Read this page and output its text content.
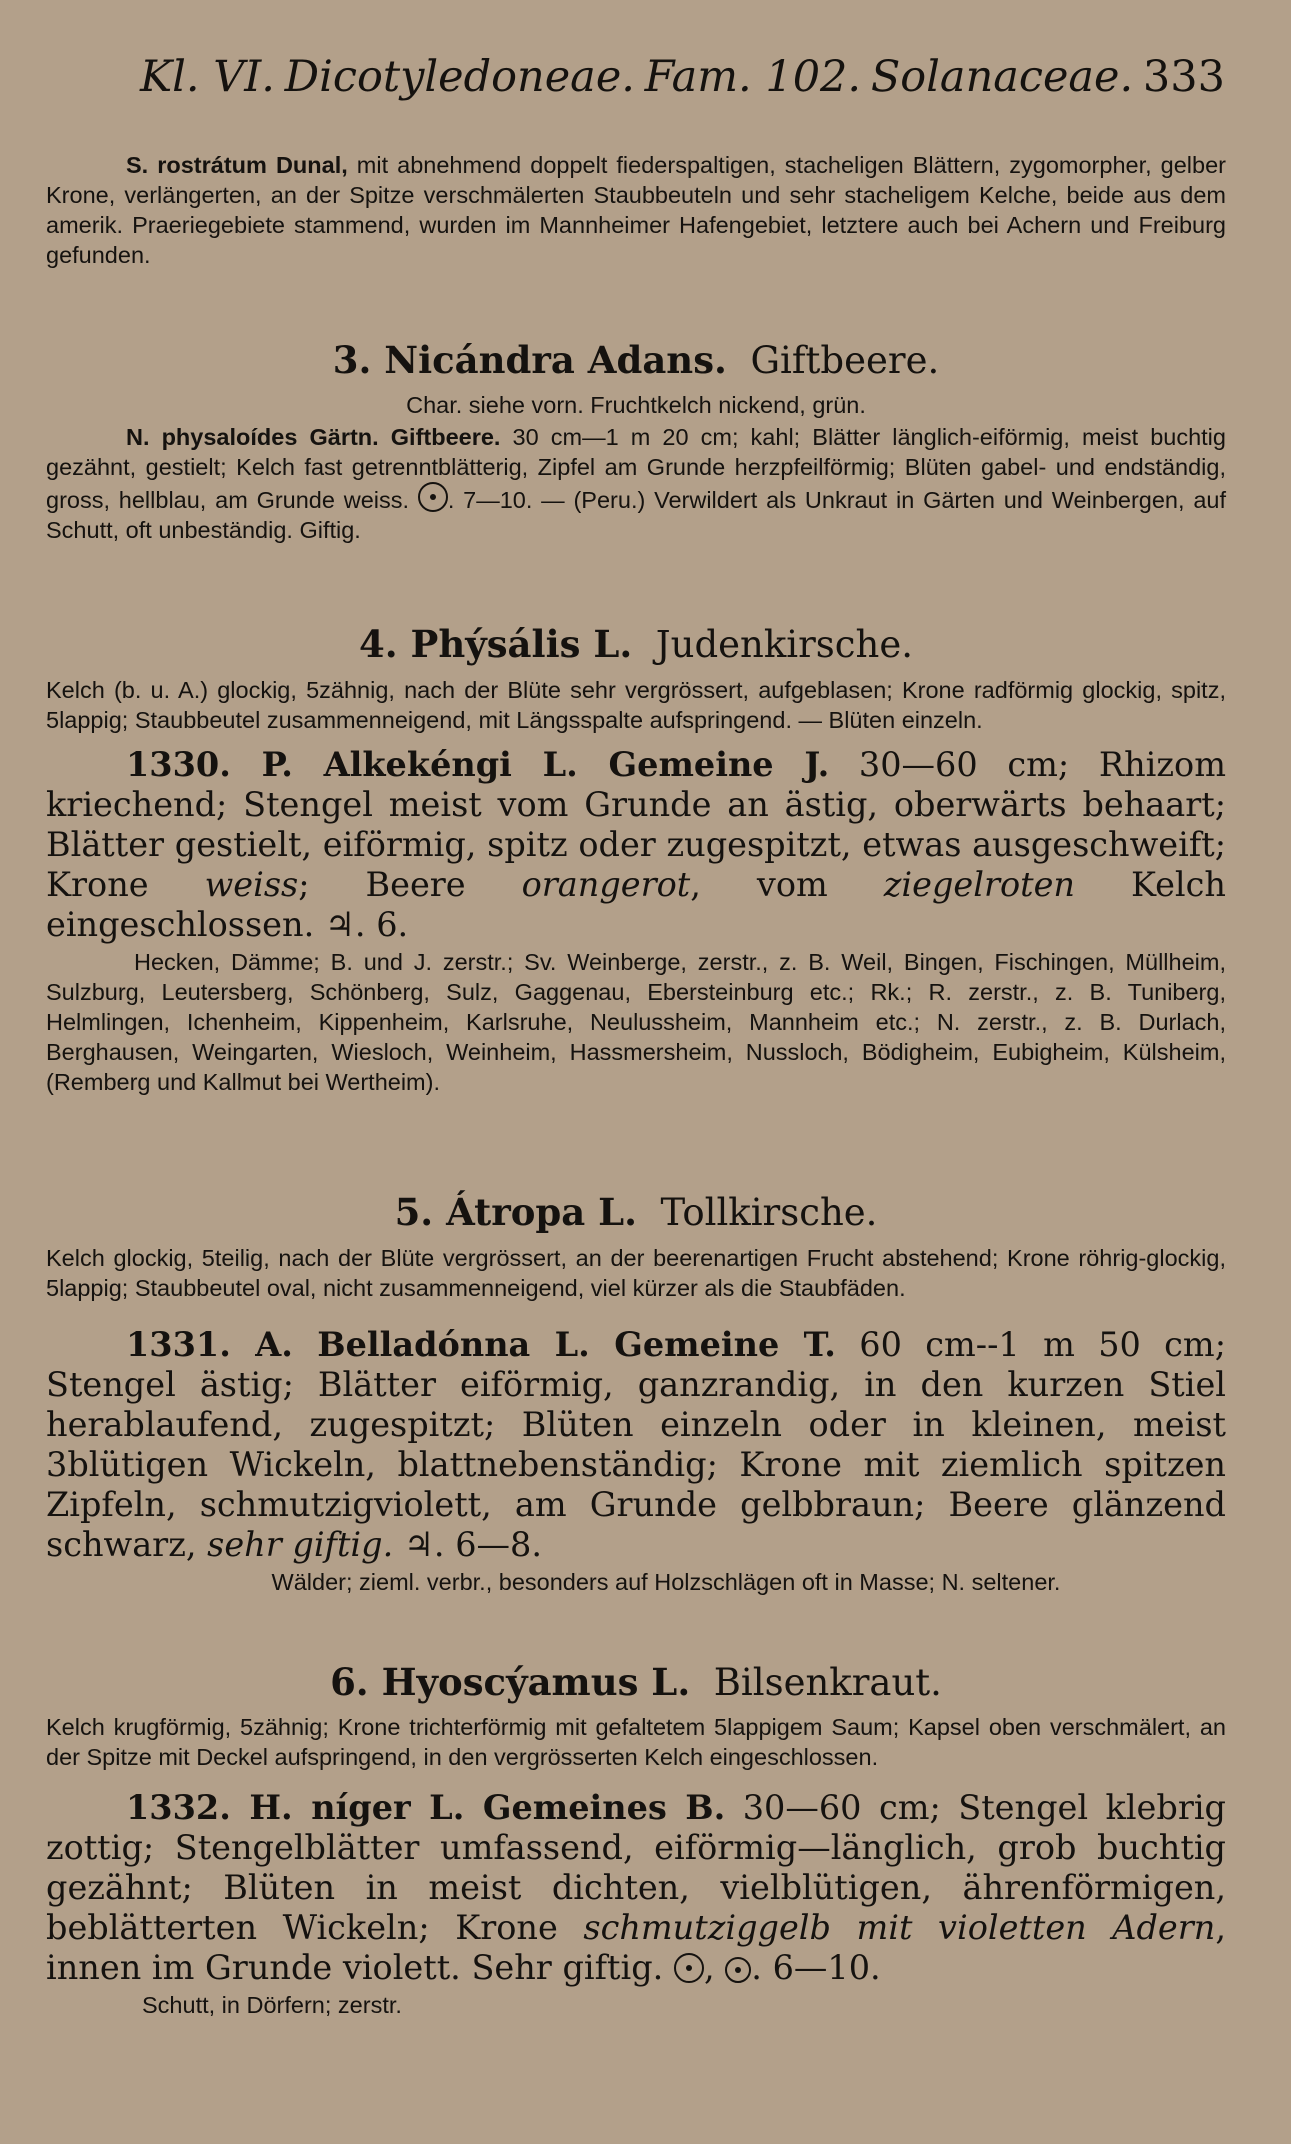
Kl. VI. Dicotyledoneae. Fam. 102. Solanaceae. 333

S. rostrátum Dunal, mit abnehmend doppelt fiederspaltigen, stacheligen Blättern, zygomorpher, gelber Krone, verlängerten, an der Spitze verschmälerten Staubbeuteln und sehr stacheligem Kelche, beide aus dem amerik. Praeriegebiete stammend, wurden im Mannheimer Hafengebiet, letztere auch bei Achern und Freiburg gefunden.

3. Nicándra Adans. Giftbeere.

Char. siehe vorn. Fruchtkelch nickend, grün.

N. physaloídes Gärtn. Giftbeere. 30 cm—1 m 20 cm; kahl; Blätter länglich-eiförmig, meist buchtig gezähnt, gestielt; Kelch fast getrenntblätterig, Zipfel am Grunde herzpfeilförmig; Blüten gabel- und endständig, gross, hellblau, am Grunde weiss. . 7—10. — (Peru.) Verwildert als Unkraut in Gärten und Weinbergen, auf Schutt, oft unbeständig. Giftig.

4. Phýsális L. Judenkirsche.

Kelch (b. u. A.) glockig, 5zähnig, nach der Blüte sehr vergrössert, aufgeblasen; Krone radförmig glockig, spitz, 5lappig; Staubbeutel zusammenneigend, mit Längsspalte aufspringend. — Blüten einzeln.

1330. P. Alkekéngi L. Gemeine J. 30—60 cm; Rhizom kriechend; Stengel meist vom Grunde an ästig, oberwärts behaart; Blätter gestielt, eiförmig, spitz oder zugespitzt, etwas ausgeschweift; Krone weiss; Beere orangerot, vom ziegelroten Kelch eingeschlossen. ♃. 6.

Hecken, Dämme; B. und J. zerstr.; Sv. Weinberge, zerstr., z. B. Weil, Bingen, Fischingen, Müllheim, Sulzburg, Leutersberg, Schönberg, Sulz, Gaggenau, Ebersteinburg etc.; Rk.; R. zerstr., z. B. Tuniberg, Helmlingen, Ichenheim, Kippenheim, Karlsruhe, Neulussheim, Mannheim etc.; N. zerstr., z. B. Durlach, Berghausen, Weingarten, Wiesloch, Weinheim, Hassmersheim, Nussloch, Bödigheim, Eubigheim, Külsheim, (Remberg und Kallmut bei Wertheim).

5. Átropa L. Tollkirsche.

Kelch glockig, 5teilig, nach der Blüte vergrössert, an der beerenartigen Frucht abstehend; Krone röhrig-glockig, 5lappig; Staubbeutel oval, nicht zusammenneigend, viel kürzer als die Staubfäden.

1331. A. Belladónna L. Gemeine T. 60 cm--1 m 50 cm; Stengel ästig; Blätter eiförmig, ganzrandig, in den kurzen Stiel herablaufend, zugespitzt; Blüten einzeln oder in kleinen, meist 3blütigen Wickeln, blattnebenständig; Krone mit ziemlich spitzen Zipfeln, schmutzigviolett, am Grunde gelbbraun; Beere glänzend schwarz, sehr giftig. ♃. 6—8.

Wälder; zieml. verbr., besonders auf Holzschlägen oft in Masse; N. seltener.

6. Hyoscýamus L. Bilsenkraut.

Kelch krugförmig, 5zähnig; Krone trichterförmig mit gefaltetem 5lappigem Saum; Kapsel oben verschmälert, an der Spitze mit Deckel aufspringend, in den vergrösserten Kelch eingeschlossen.

1332. H. níger L. Gemeines B. 30—60 cm; Stengel klebrig zottig; Stengelblätter umfassend, eiförmig—länglich, grob buchtig gezähnt; Blüten in meist dichten, vielblütigen, ährenförmigen, beblätterten Wickeln; Krone schmutziggelb mit violetten Adern, innen im Grunde violett. Sehr giftig. , . 6—10.

Schutt, in Dörfern; zerstr.
